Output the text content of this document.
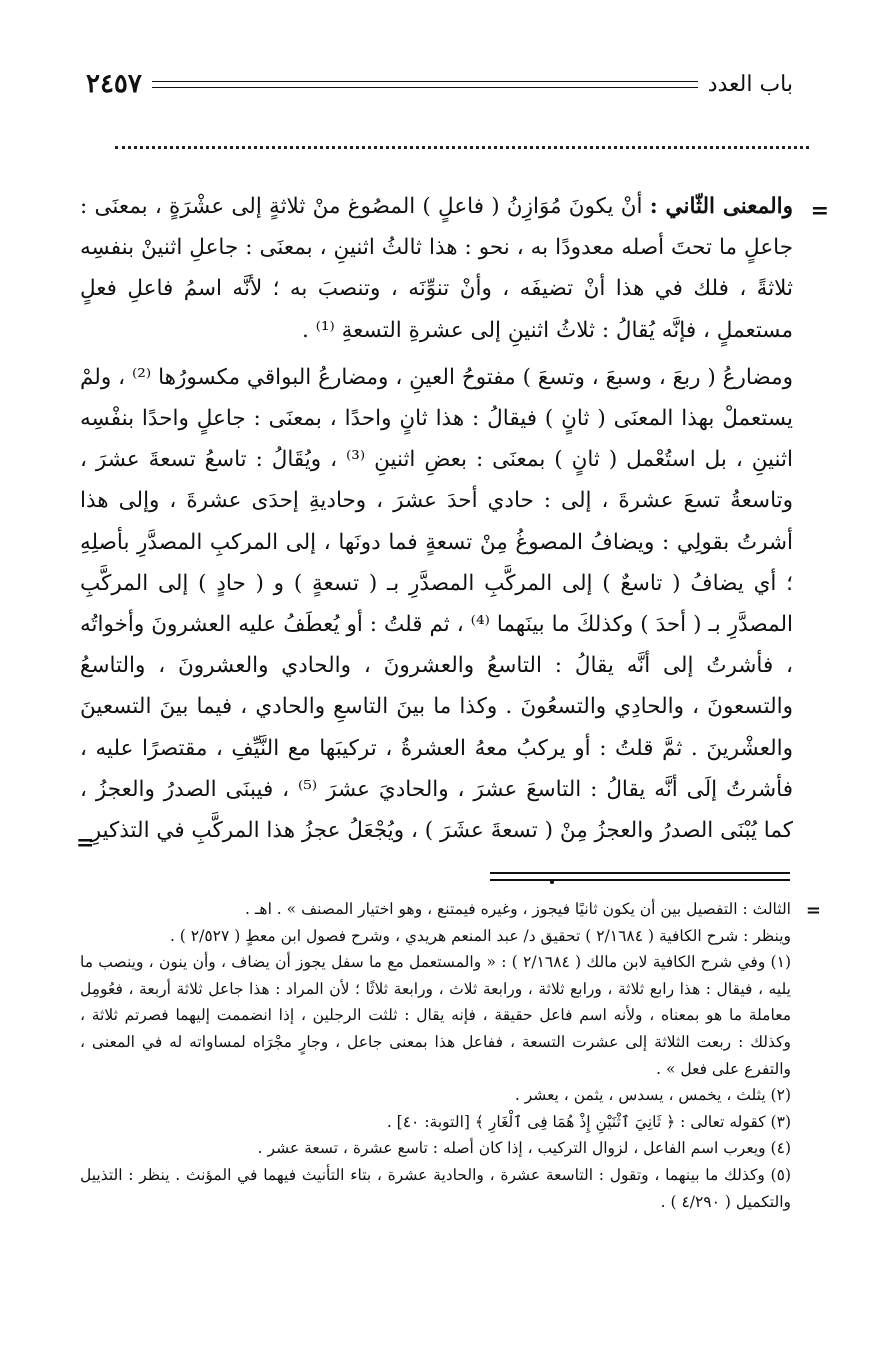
باب العدد
٢٤٥٧
=

والمعنى الثّاني : أنْ يكونَ مُوَازِنُ ( فاعلٍ ) المصُوغ منْ ثلاثةٍ إلى عشْرَةٍ ، بمعنَى : جاعلٍ ما تحتَ أصله معدودًا به ، نحو : هذا ثالثُ اثنينِ ، بمعنَى : جاعلِ اثنينْ بنفسِه ثلاثةً ، فلك في هذا أنْ تضيفَه ، وأنْ تنوِّنَه ، وتنصبَ به ؛ لأنَّه اسمُ فاعلِ فعلٍ مستعملٍ ، فإنَّه يُقالُ : ثلاثُ اثنينِ إلى عشرةِ التسعةِ ⁽¹⁾ .

ومضارعُ ( ربعَ ، وسبعَ ، وتسعَ ) مفتوحُ العينِ ، ومضارعُ البواقي مكسورُها ⁽²⁾ ، ولمْ يستعملْ بهذا المعنَى ( ثانٍ ) فيقالُ : هذا ثانٍ واحدًا ، بمعنَى : جاعلٍ واحدًا بنفْسِه اثنينِ ، بل استُعْمل ( ثانٍ ) بمعنَى : بعضِ اثنينِ ⁽³⁾ ، ويُقَالُ : تاسعُ تسعةَ عشرَ ، وتاسعةُ تسعَ عشرةَ ، إلى : حادي أحدَ عشرَ ، وحاديةِ إحدَى عشرةَ ، وإلى هذا أشرتُ بقولِي : ويضافُ المصوغُ مِنْ تسعةٍ فما دونَها ، إلى المركبِ المصدَّرِ بأصلِهِ ؛ أي يضافُ ( تاسعٌ ) إلى المركَّبِ المصدَّرِ بـ ( تسعةٍ ) و ( حادٍ ) إلى المركَّبِ المصدَّرِ بـ ( أحدَ ) وكذلكَ ما بينَهما ⁽⁴⁾ ، ثم قلتُ : أو يُعطَفُ عليه العشرونَ وأخواتُه ، فأشرتُ إلى أنَّه يقالُ : التاسعُ والعشرونَ ، والحادي والعشرونَ ، والتاسعُ والتسعونَ ، والحادِي والتسعُونَ . وكذا ما بينَ التاسعِ والحادي ، فيما بينَ التسعينَ والعشْرينَ . ثمَّ قلتُ : أو يركبُ معهُ العشرةُ ، تركيبَها مع النَّيِّفِ ، مقتصرًا عليه ، فأشرتُ إلَى أنَّه يقالُ : التاسعَ عشرَ ، والحاديَ عشرَ ⁽⁵⁾ ، فيبنَى الصدرُ والعجزُ ، كما يُبْنَى الصدرُ والعجزُ مِنْ ( تسعةَ عشَرَ ) ، ويُجْعَلُ عجزُ هذا المركَّبِ في التذكيرِ

=
=

الثالث : التفصيل بين أن يكون ثانيًا فيجوز ، وغيره فيمتنع ، وهو اختيار المصنف » . اهـ .

وينظر : شرح الكافية ( ٢/١٦٨٤ ) تحقيق د/ عبد المنعم هريدي ، وشرح فصول ابن معطٍ ( ٢/٥٢٧ ) .

(١) وفي شرح الكافية لابن مالك ( ٢/١٦٨٤ ) : « والمستعمل مع ما سفل يجوز أن يضاف ، وأن ينون ، وينصب ما يليه ، فيقال : هذا رابع ثلاثة ، ورابع ثلاثة ، ورابعة ثلاث ، ورابعة ثلاثًا ؛ لأن المراد : هذا جاعل ثلاثة أربعة ، فعُومِل معاملة ما هو بمعناه ، ولأنه اسم فاعل حقيقة ، فإنه يقال : ثلثت الرجلين ، إذا انضممت إليهما فصرتم ثلاثة ، وكذلك : ربعت الثلاثة إلى عشرت التسعة ، ففاعل هذا بمعنى جاعل ، وجارٍ مجْرَاه لمساواته له في المعنى ، والتفرع على فعل » .

(٢) يثلث ، يخمس ، يسدس ، يثمن ، يعشر .

(٣) كقوله تعالى : ﴿ ثَانِيَ ٱثْنَيْنِ إِذْ هُمَا فِى ٱلْغَارِ ﴾ [التوبة: ٤٠] .

(٤) ويعرب اسم الفاعل ، لزوال التركيب ، إذا كان أصله : تاسع عشرة ، تسعة عشر .

(٥) وكذلك ما بينهما ، وتقول : التاسعة عشرة ، والحادية عشرة ، بتاء التأنيث فيهما في المؤنث . ينظر : التذييل والتكميل ( ٤/٢٩٠ ) .
